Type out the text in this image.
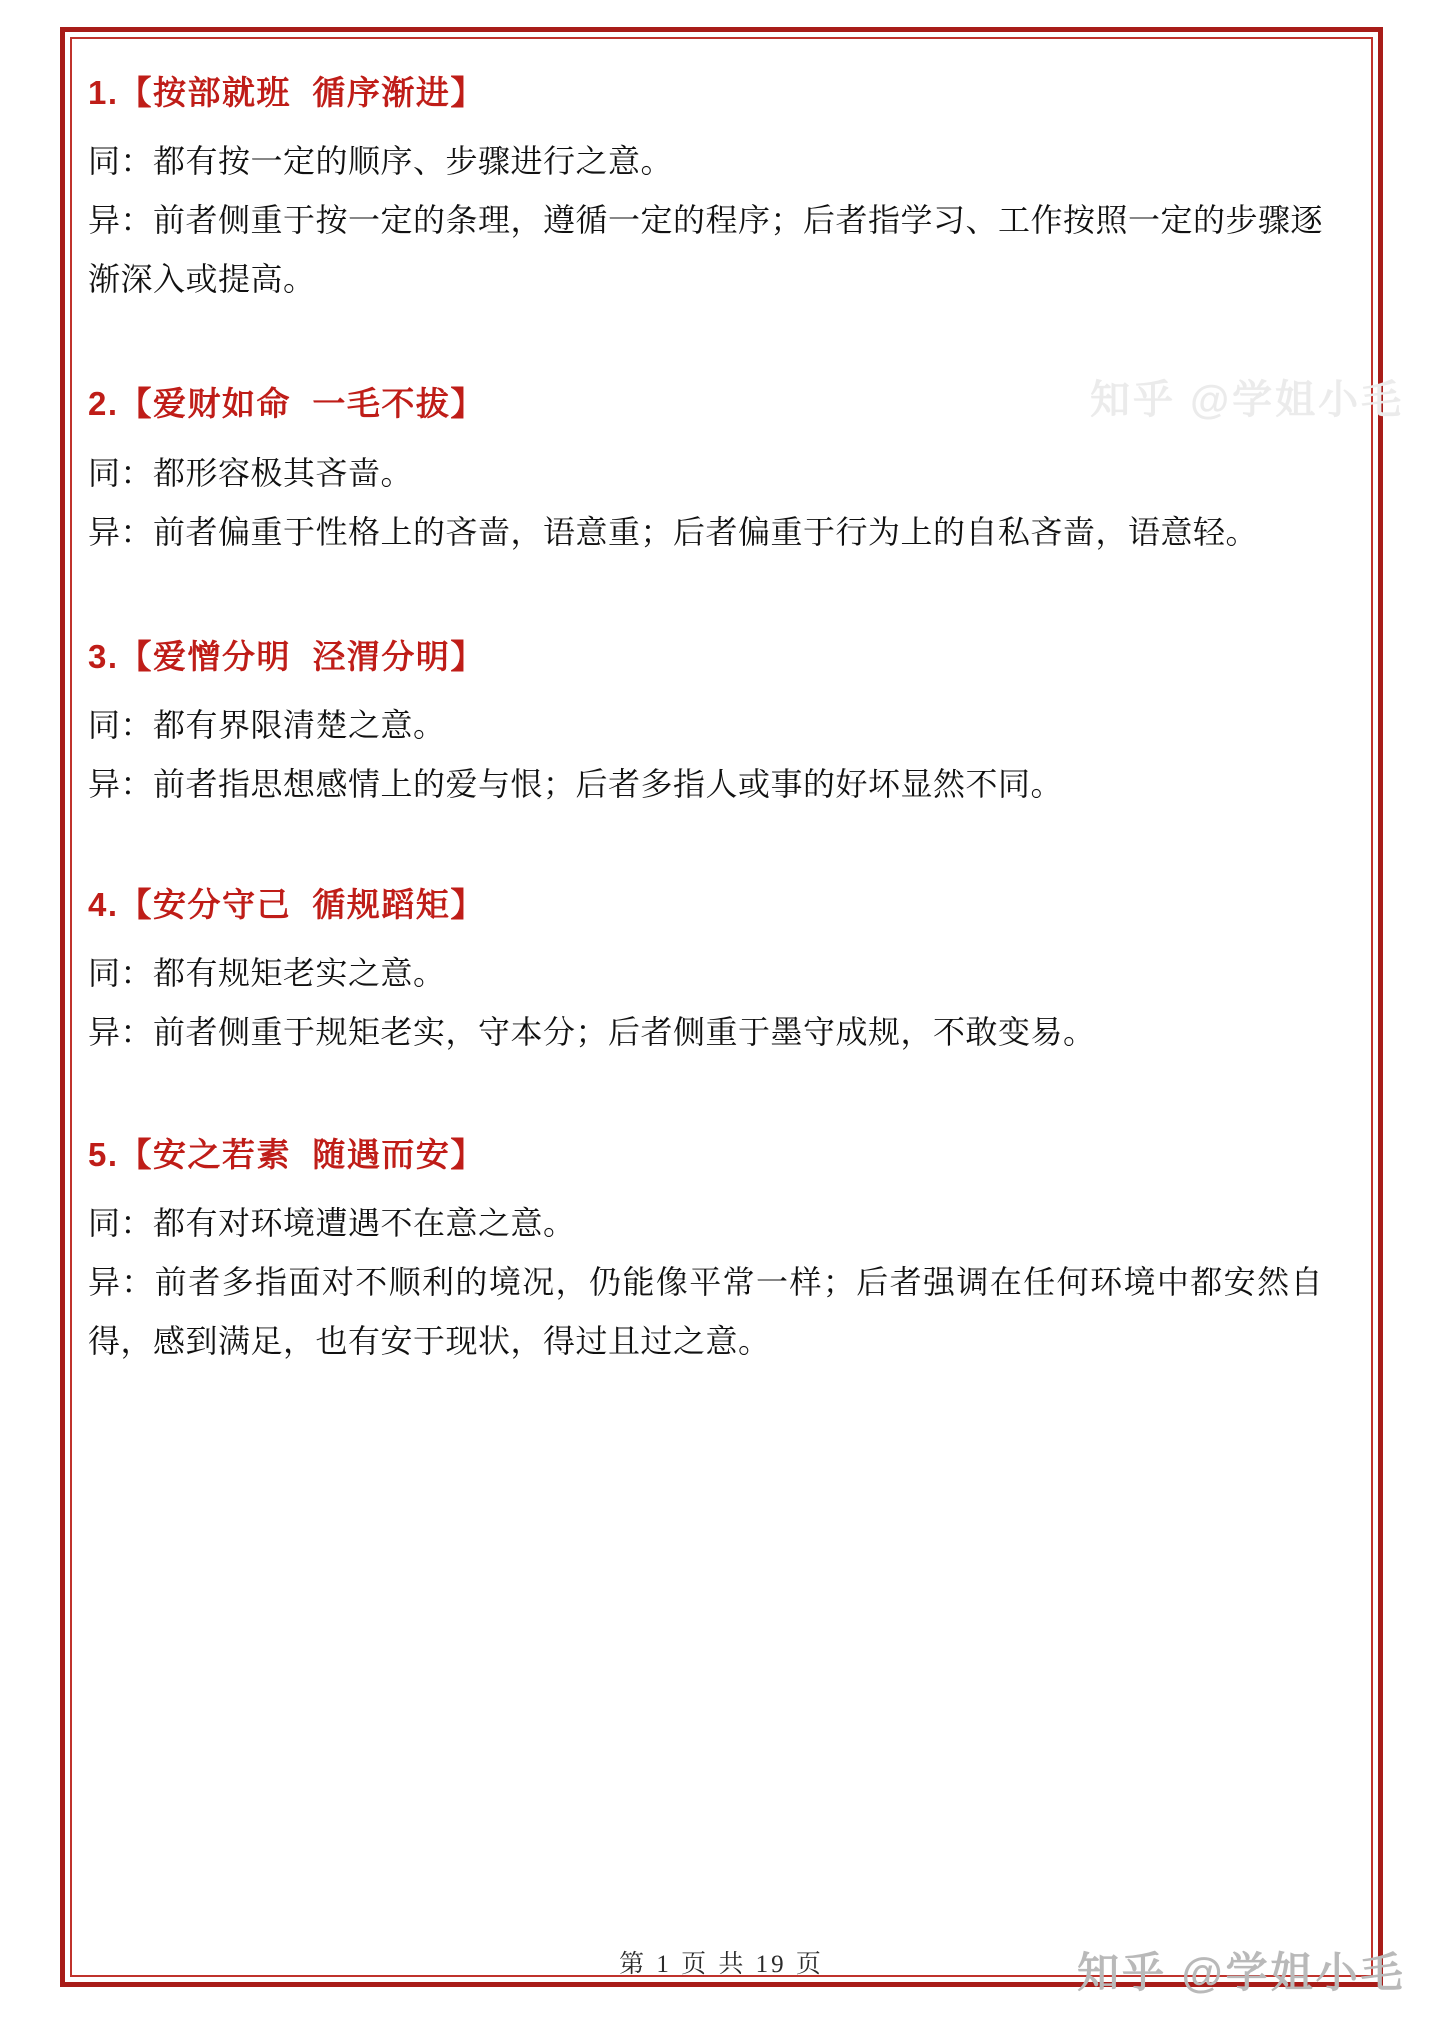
知乎 @学姐小毛

1.【按部就班  循序渐进】

同：都有按一定的顺序、步骤进行之意。

异：前者侧重于按一定的条理，遵循一定的程序；后者指学习、工作按照一定的步骤逐渐深入或提高。

2.【爱财如命  一毛不拔】

同：都形容极其吝啬。

异：前者偏重于性格上的吝啬，语意重；后者偏重于行为上的自私吝啬，语意轻。

3.【爱憎分明  泾渭分明】

同：都有界限清楚之意。

异：前者指思想感情上的爱与恨；后者多指人或事的好坏显然不同。

4.【安分守己  循规蹈矩】

同：都有规矩老实之意。

异：前者侧重于规矩老实，守本分；后者侧重于墨守成规，不敢变易。

5.【安之若素  随遇而安】

同：都有对环境遭遇不在意之意。

异：前者多指面对不顺利的境况，仍能像平常一样；后者强调在任何环境中都安然自得，感到满足，也有安于现状，得过且过之意。

第 1 页 共 19 页	知乎 @学姐小毛
